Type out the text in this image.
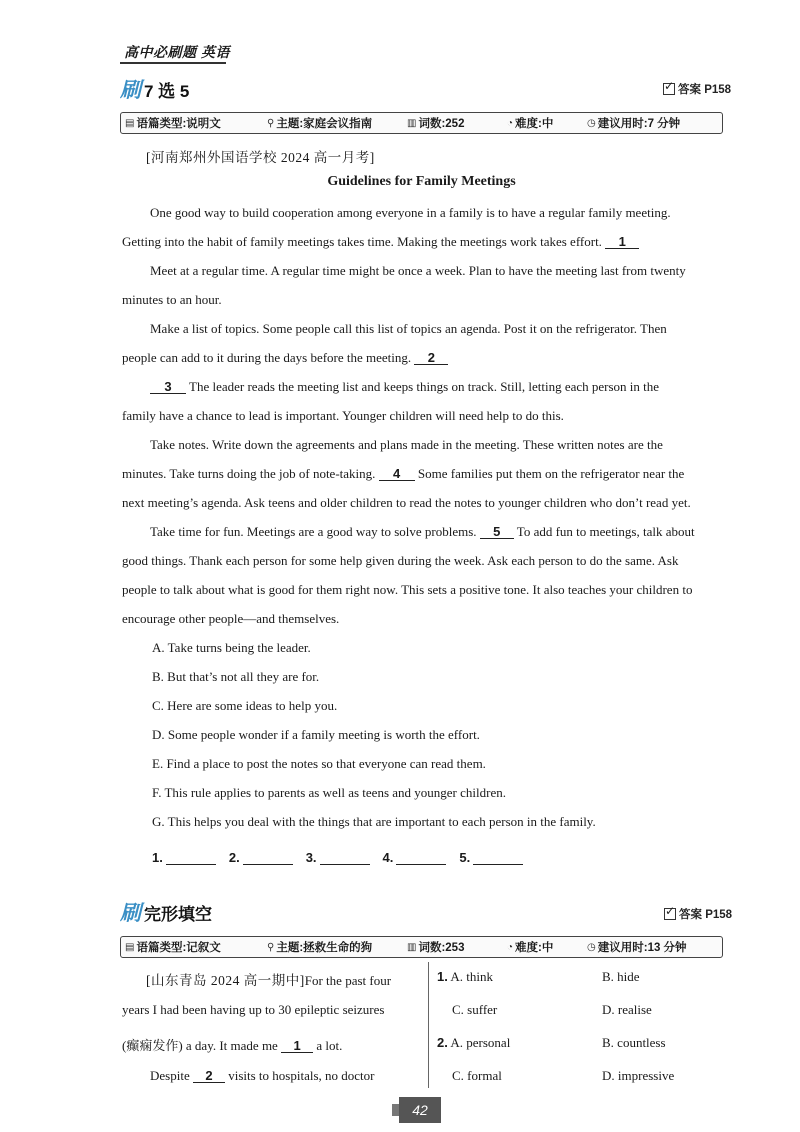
高中必刷题 英语
刷 7 选 5 ✓	答案 P158
▤ 语篇类型:说明文	⚲ 主题:家庭会议指南	▥ 词数:252	◔ 难度:中	◷ 建议用时:7 分钟
[河南郑州外国语学校 2024 高一月考]
Guidelines for Family Meetings
One good way to build cooperation among everyone in a family is to have a regular family meeting.
Getting into the habit of family meetings takes time. Making the meetings work takes effort. 1
Meet at a regular time. A regular time might be once a week. Plan to have the meeting last from twenty
minutes to an hour.
Make a list of topics. Some people call this list of topics an agenda. Post it on the refrigerator. Then
people can add to it during the days before the meeting. 2
3 The leader reads the meeting list and keeps things on track. Still, letting each person in the
family have a chance to lead is important. Younger children will need help to do this.
Take notes. Write down the agreements and plans made in the meeting. These written notes are the
minutes. Take turns doing the job of note-taking. 4 Some families put them on the refrigerator near the
next meeting’s agenda. Ask teens and older children to read the notes to younger children who don’t read yet.
Take time for fun. Meetings are a good way to solve problems. 5 To add fun to meetings, talk about
good things. Thank each person for some help given during the week. Ask each person to do the same. Ask
people to talk about what is good for them right now. This sets a positive tone. It also teaches your children to
encourage other people—and themselves.
A. Take turns being the leader.
B. But that’s not all they are for.
C. Here are some ideas to help you.
D. Some people wonder if a family meeting is worth the effort.
E. Find a place to post the notes so that everyone can read them.
F. This rule applies to parents as well as teens and younger children.
G. This helps you deal with the things that are important to each person in the family.
1.	2.	3.	4.	5.
刷 完形填空 ✓	答案 P158
▤ 语篇类型:记叙文	⚲ 主题:拯救生命的狗	▥ 词数:253	◔ 难度:中	◷ 建议用时:13 分钟
[山东青岛 2024 高一期中]For the past four
years I had been having up to 30 epileptic seizures
(癫痫发作) a day. It made me 1 a lot.
Despite 2 visits to hospitals, no doctor
1. A. think	B. hide
C. suffer	D. realise
2. A. personal	B. countless
C. formal	D. impressive
42
